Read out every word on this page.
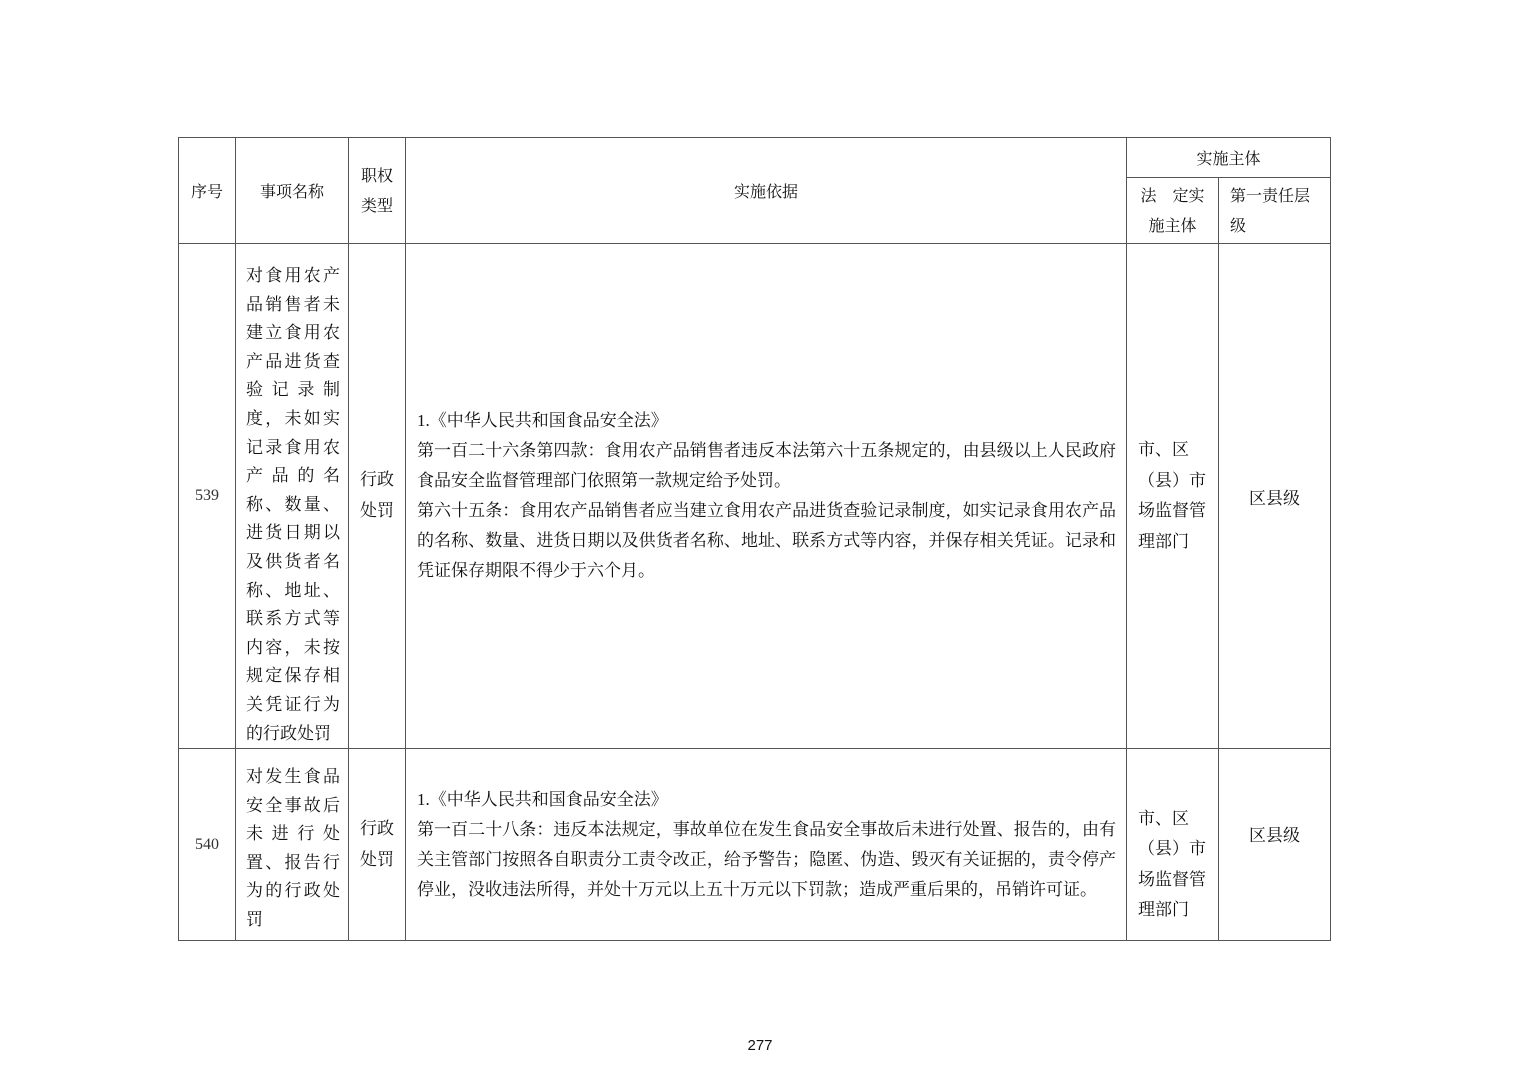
序号	事项名称	职权类型	实施依据	实施主体	

				法　定实施主体	第一责任层级

539	对食用农产品销售者未建立食用农产品进货查验记录制度，未如实记录食用农产品的名称、数量、进货日期以及供货者名称、地址、联系方式等内容，未按规定保存相关凭证行为的行政处罚	行政处罚	1.《中华人民共和国食品安全法》
第一百二十六条第四款：食用农产品销售者违反本法第六十五条规定的，由县级以上人民政府食品安全监督管理部门依照第一款规定给予处罚。
第六十五条：食用农产品销售者应当建立食用农产品进货查验记录制度，如实记录食用农产品的名称、数量、进货日期以及供货者名称、地址、联系方式等内容，并保存相关凭证。记录和凭证保存期限不得少于六个月。	市、区（县）市场监督管理部门	区县级
540	对发生食品安全事故后未进行处置、报告行为的行政处罚	行政处罚	1.《中华人民共和国食品安全法》
第一百二十八条：违反本法规定，事故单位在发生食品安全事故后未进行处置、报告的，由有关主管部门按照各自职责分工责令改正，给予警告；隐匿、伪造、毁灭有关证据的，责令停产停业，没收违法所得，并处十万元以上五十万元以下罚款；造成严重后果的，吊销许可证。	市、区（县）市场监督管理部门	区县级
277
